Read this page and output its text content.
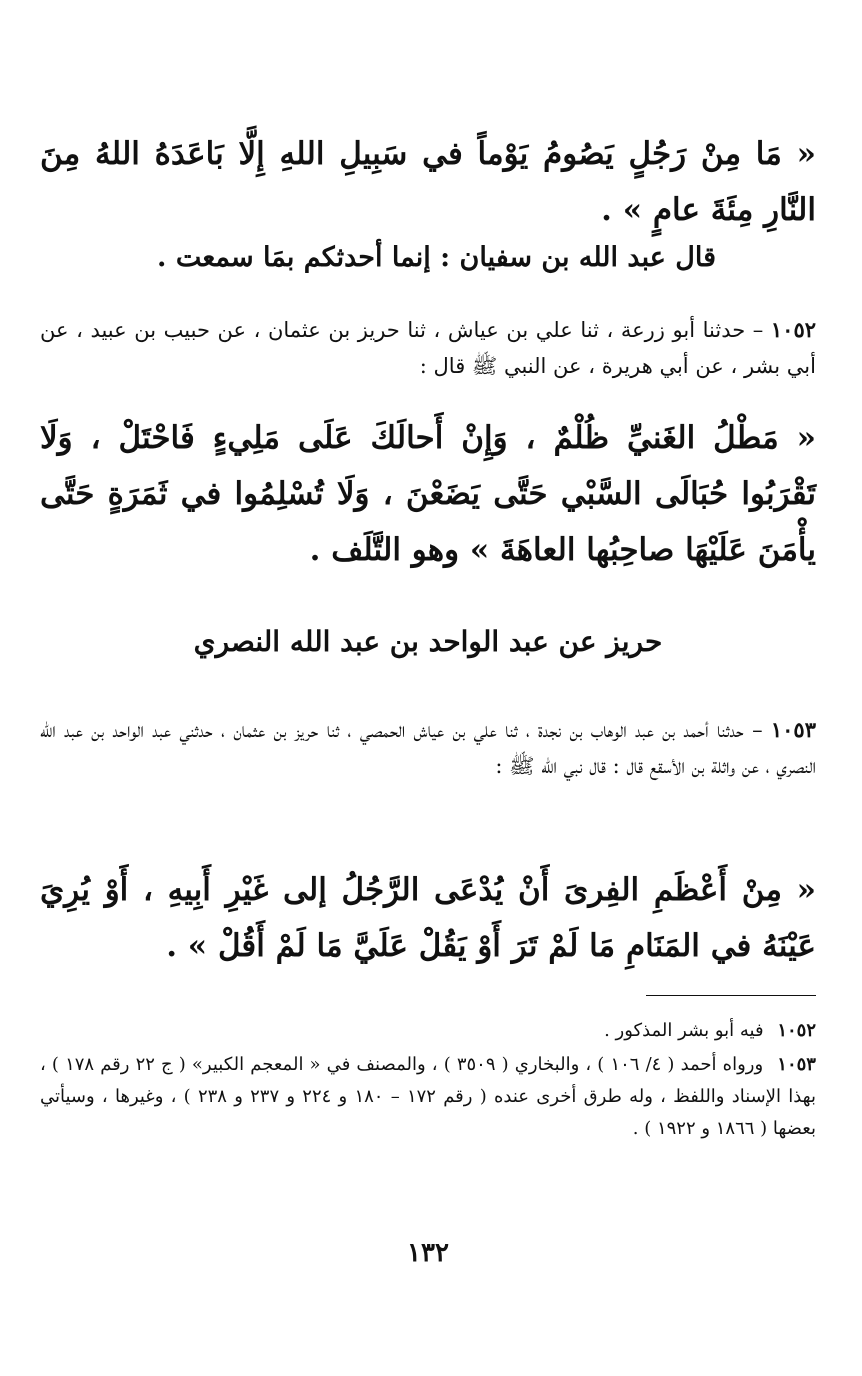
« مَا مِنْ رَجُلٍ يَصُومُ يَوْماً في سَبِيلِ اللهِ إِلَّا بَاعَدَهُ اللهُ مِنَ النَّارِ مِئَةَ عامٍ » .

قال عبد الله بن سفيان : إنما أحدثكم بمَا سمعت .

١٠٥٢ – حدثنا أبو زرعة ، ثنا علي بن عياش ، ثنا حريز بن عثمان ، عن حبيب بن عبيد ، عن أبي بشر ، عن أبي هريرة ، عن النبي ﷺ قال :

« مَطْلُ الغَنيِّ ظُلْمٌ ، وَإِنْ أَحالَكَ عَلَى مَلِيءٍ فَاحْتَلْ ، وَلَا تَقْرَبُوا حُبَالَى السَّبْي حَتَّى يَضَعْنَ ، وَلَا تُسْلِمُوا في ثَمَرَةٍ حَتَّى يأْمَنَ عَلَيْهَا صاحِبُها العاهَةَ » وهو التَّلَف .

حريز عن عبد الواحد بن عبد الله النصري
١٠٥٣ – حدثنا أحمد بن عبد الوهاب بن نجدة ، ثنا علي بن عياش الحمصي ، ثنا حريز بن عثمان ، حدثني عبد الواحد بن عبد الله النصري ، عن واثلة بن الأسقع قال : قال نبي الله ﷺ :

« مِنْ أَعْظَمِ الفِرىَ أَنْ يُدْعَى الرَّجُلُ إلى غَيْرِ أَبِيهِ ، أَوْ يُرِيَ عَيْنَهُ في المَنَامِ مَا لَمْ تَرَ أَوْ يَقُلْ عَلَيَّ مَا لَمْ أَقُلْ » .

١٠٥٢ فيه أبو بشر المذكور .

١٠٥٣ ورواه أحمد ( ٤/ ١٠٦ ) ، والبخاري ( ٣٥٠٩ ) ، والمصنف في « المعجم الكبير» ( ج ٢٢ رقم ١٧٨ ) ، بهذا الإسناد واللفظ ، وله طرق أخرى عنده ( رقم ١٧٢ – ١٨٠ و ٢٢٤ و ٢٣٧ و ٢٣٨ ) ، وغيرها ، وسيأتي بعضها ( ١٨٦٦ و ١٩٢٢ ) .

١٣٢
